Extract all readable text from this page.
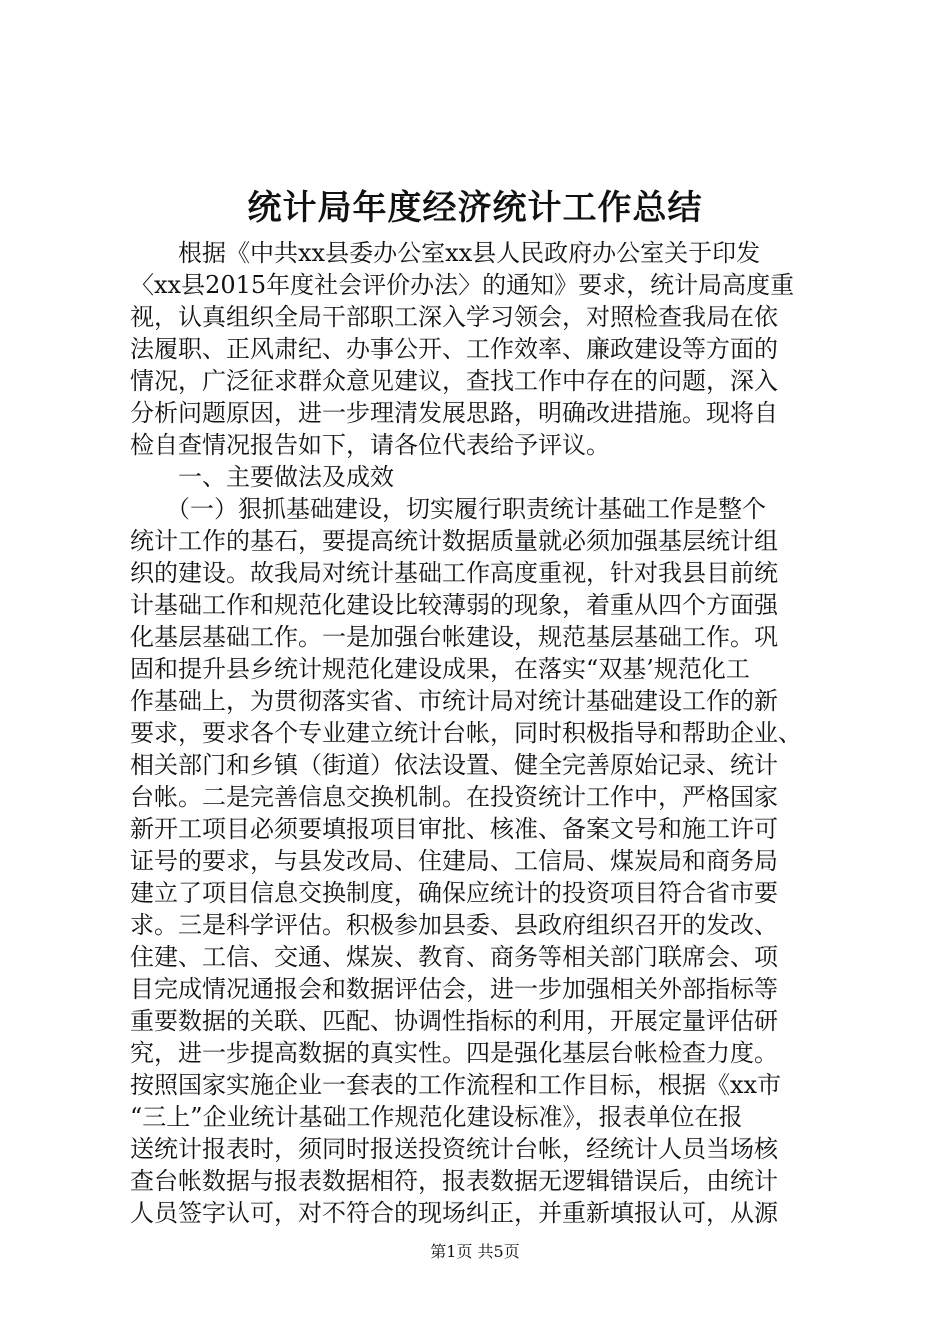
统计局年度经济统计工作总结
　　根据《中共xx县委办公室xx县人民政府办公室关于印发
〈xx县2015年度社会评价办法〉的通知》要求，统计局高度重
视，认真组织全局干部职工深入学习领会，对照检查我局在依
法履职、正风肃纪、办事公开、工作效率、廉政建设等方面的
情况，广泛征求群众意见建议，查找工作中存在的问题，深入
分析问题原因，进一步理清发展思路，明确改进措施。现将自
检自查情况报告如下，请各位代表给予评议。
　　一、主要做法及成效
　　（一）狠抓基础建设，切实履行职责统计基础工作是整个
统计工作的基石，要提高统计数据质量就必须加强基层统计组
织的建设。故我局对统计基础工作高度重视，针对我县目前统
计基础工作和规范化建设比较薄弱的现象，着重从四个方面强
化基层基础工作。一是加强台帐建设，规范基层基础工作。巩
固和提升县乡统计规范化建设成果，在落实“双基’规范化工
作基础上，为贯彻落实省、市统计局对统计基础建设工作的新
要求，要求各个专业建立统计台帐，同时积极指导和帮助企业、
相关部门和乡镇（街道）依法设置、健全完善原始记录、统计
台帐。二是完善信息交换机制。在投资统计工作中，严格国家
新开工项目必须要填报项目审批、核准、备案文号和施工许可
证号的要求，与县发改局、住建局、工信局、煤炭局和商务局
建立了项目信息交换制度，确保应统计的投资项目符合省市要
求。三是科学评估。积极参加县委、县政府组织召开的发改、
住建、工信、交通、煤炭、教育、商务等相关部门联席会、项
目完成情况通报会和数据评估会，进一步加强相关外部指标等
重要数据的关联、匹配、协调性指标的利用，开展定量评估研
究，进一步提高数据的真实性。四是强化基层台帐检查力度。
按照国家实施企业一套表的工作流程和工作目标，根据《xx市
“三上”企业统计基础工作规范化建设标准》，报表单位在报
送统计报表时，须同时报送投资统计台帐，经统计人员当场核
查台帐数据与报表数据相符，报表数据无逻辑错误后，由统计
人员签字认可，对不符合的现场纠正，并重新填报认可，从源
第1页 共5页
